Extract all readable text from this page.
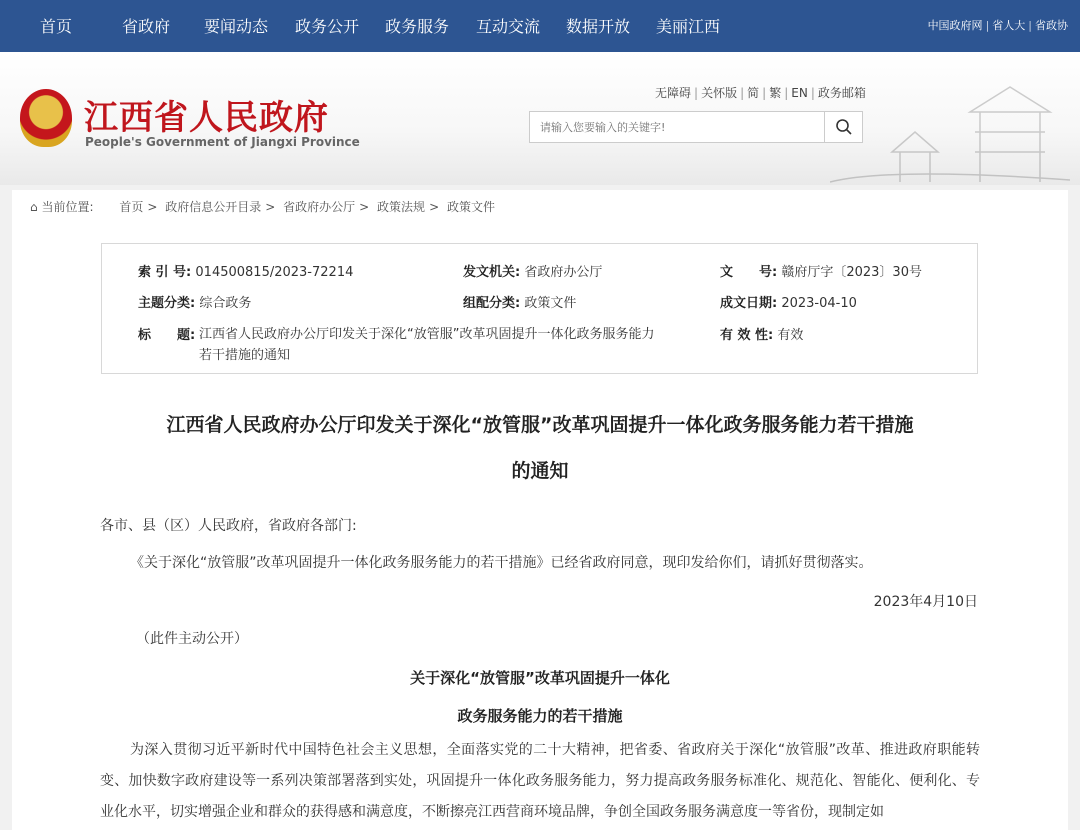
首页	省政府 要闻动态 政务公开 政务服务 互动交流 数据开放 美丽江西	中国政府网 | 省人大 | 省政协
江西省人民政府
People's Government of Jiangxi Province
无障碍 | 关怀版 | 简 | 繁 | EN | 政务邮箱
请输入您要输入的关键字!
⌂ 当前位置: 首页 > 政府信息公开目录 > 省政府办公厅 > 政策法规 > 政策文件
索 引 号: 014500815/2023-72214	发文机关: 省政府办公厅	文　　号: 赣府厅字〔2023〕30号
主题分类: 综合政务	组配分类: 政策文件	成文日期: 2023-04-10
标　　题: 江西省人民政府办公厅印发关于深化“放管服”改革巩固提升一体化政务服务能力
若干措施的通知
有 效 性: 有效
江西省人民政府办公厅印发关于深化“放管服”改革巩固提升一体化政务服务能力若干措施
的通知
各市、县（区）人民政府，省政府各部门:
《关于深化“放管服”改革巩固提升一体化政务服务能力的若干措施》已经省政府同意，现印发给你们，请抓好贯彻落实。
2023年4月10日
（此件主动公开）
关于深化“放管服”改革巩固提升一体化
政务服务能力的若干措施
为深入贯彻习近平新时代中国特色社会主义思想，全面落实党的二十大精神，把省委、省政府关于深化“放管服”改革、推进政府职能转变、加快数字政府建设等一系列决策部署落到实处，巩固提升一体化政务服务能力，努力提高政务服务标准化、规范化、智能化、便利化、专业化水平，切实增强企业和群众的获得感和满意度，不断擦亮江西营商环境品牌，争创全国政务服务满意度一等省份，现制定如
